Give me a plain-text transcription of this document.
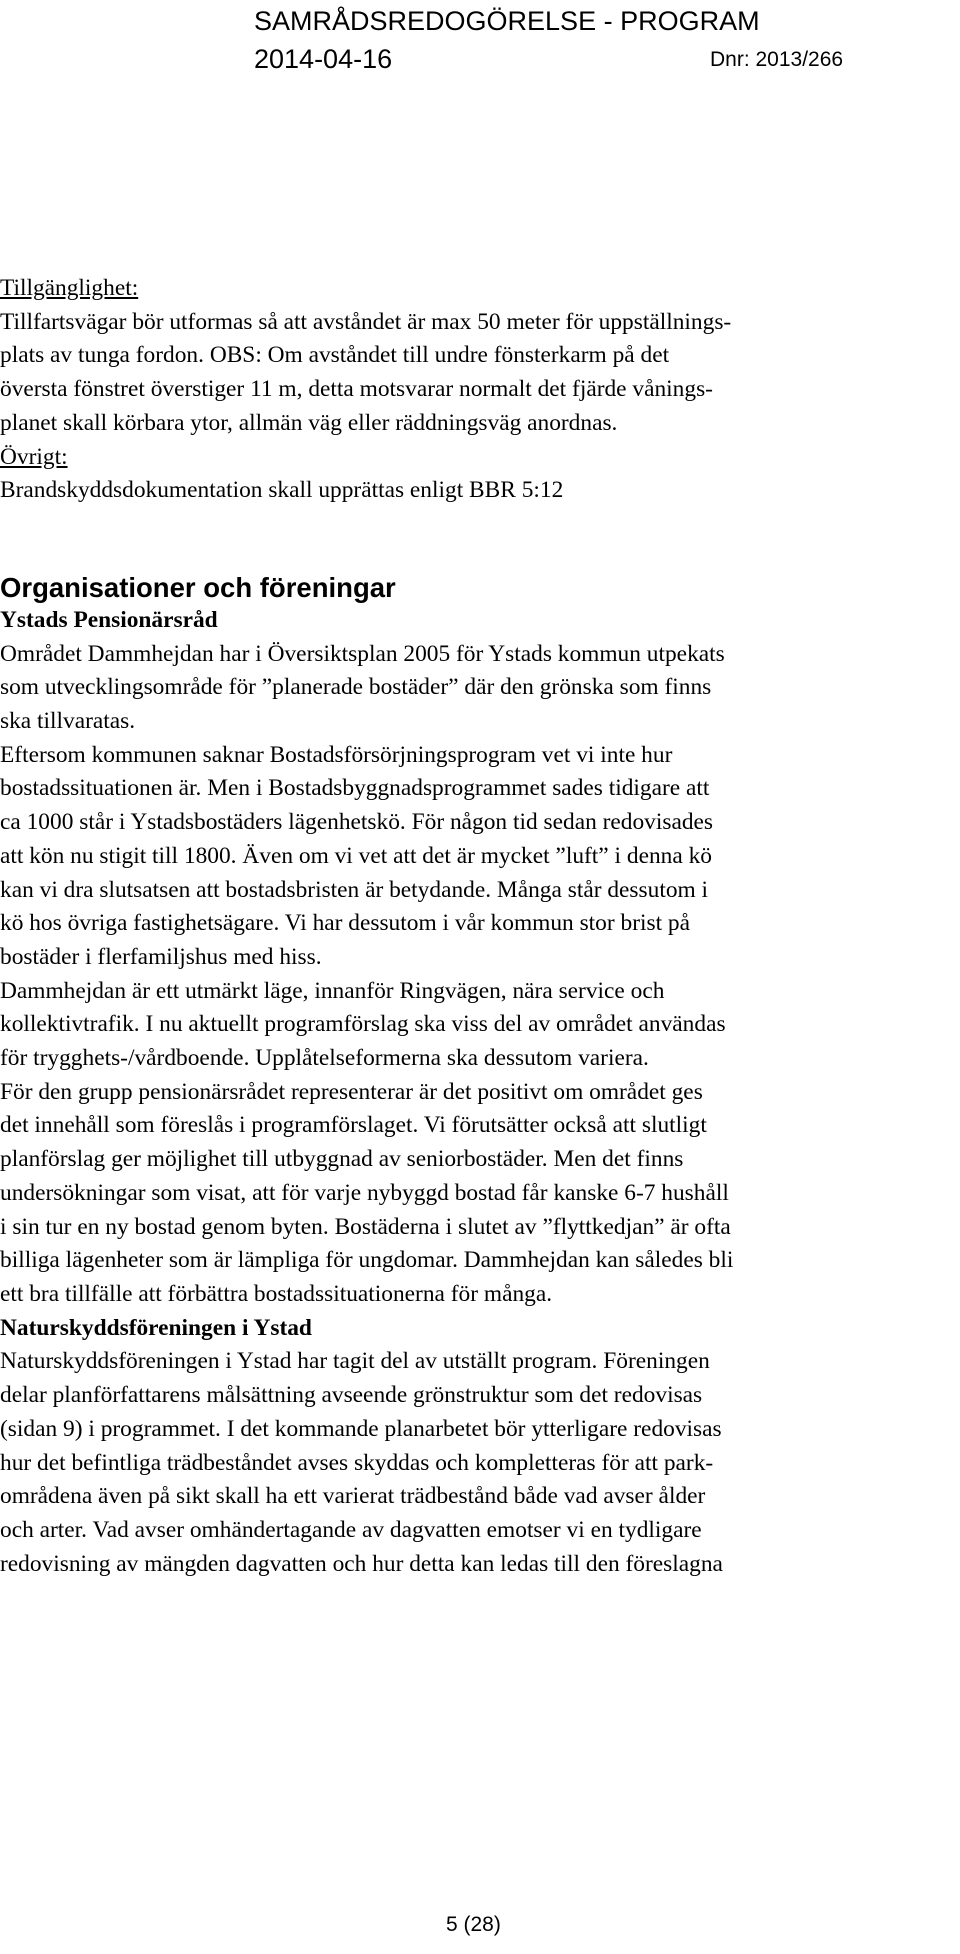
SAMRÅDSREDOGÖRELSE - PROGRAM
2014-04-16	Dnr: 2013/266

Tillgänglighet:
Tillfartsvägar bör utformas så att avståndet är max 50 meter för uppställnings-
plats av tunga fordon. OBS: Om avståndet till undre fönsterkarm på det
översta fönstret överstiger 11 m, detta motsvarar normalt det fjärde vånings-
planet skall körbara ytor, allmän väg eller räddningsväg anordnas.

Övrigt:
Brandskyddsdokumentation skall upprättas enligt BBR 5:12

Organisationer och föreningar

Ystads Pensionärsråd
Området Dammhejdan har i Översiktsplan 2005 för Ystads kommun utpekats
som utvecklingsområde för ”planerade bostäder” där den grönska som finns
ska tillvaratas.

Eftersom kommunen saknar Bostadsförsörjningsprogram vet vi inte hur
bostadssituationen är. Men i Bostadsbyggnadsprogrammet sades tidigare att
ca 1000 står i Ystadsbostäders lägenhetskö. För någon tid sedan redovisades
att kön nu stigit till 1800. Även om vi vet att det är mycket ”luft” i denna kö
kan vi dra slutsatsen att bostadsbristen är betydande. Många står dessutom i
kö hos övriga fastighetsägare. Vi har dessutom i vår kommun stor brist på
bostäder i flerfamiljshus med hiss.

Dammhejdan är ett utmärkt läge, innanför Ringvägen, nära service och
kollektivtrafik. I nu aktuellt programförslag ska viss del av området användas
för trygghets-/vårdboende. Upplåtelseformerna ska dessutom variera.

För den grupp pensionärsrådet representerar är det positivt om området ges
det innehåll som föreslås i programförslaget. Vi förutsätter också att slutligt
planförslag ger möjlighet till utbyggnad av seniorbostäder. Men det finns
undersökningar som visat, att för varje nybyggd bostad får kanske 6-7 hushåll
i sin tur en ny bostad genom byten. Bostäderna i slutet av ”flyttkedjan” är ofta
billiga lägenheter som är lämpliga för ungdomar. Dammhejdan kan således bli
ett bra tillfälle att förbättra bostadssituationerna för många.

Naturskyddsföreningen i Ystad
Naturskyddsföreningen i Ystad har tagit del av utställt program. Föreningen
delar planförfattarens målsättning avseende grönstruktur som det redovisas
(sidan 9) i programmet. I det kommande planarbetet bör ytterligare redovisas
hur det befintliga trädbeståndet avses skyddas och kompletteras för att park-
områdena även på sikt skall ha ett varierat trädbestånd både vad avser ålder
och arter. Vad avser omhändertagande av dagvatten emotser vi en tydligare
redovisning av mängden dagvatten och hur detta kan ledas till den föreslagna

5 (28)
